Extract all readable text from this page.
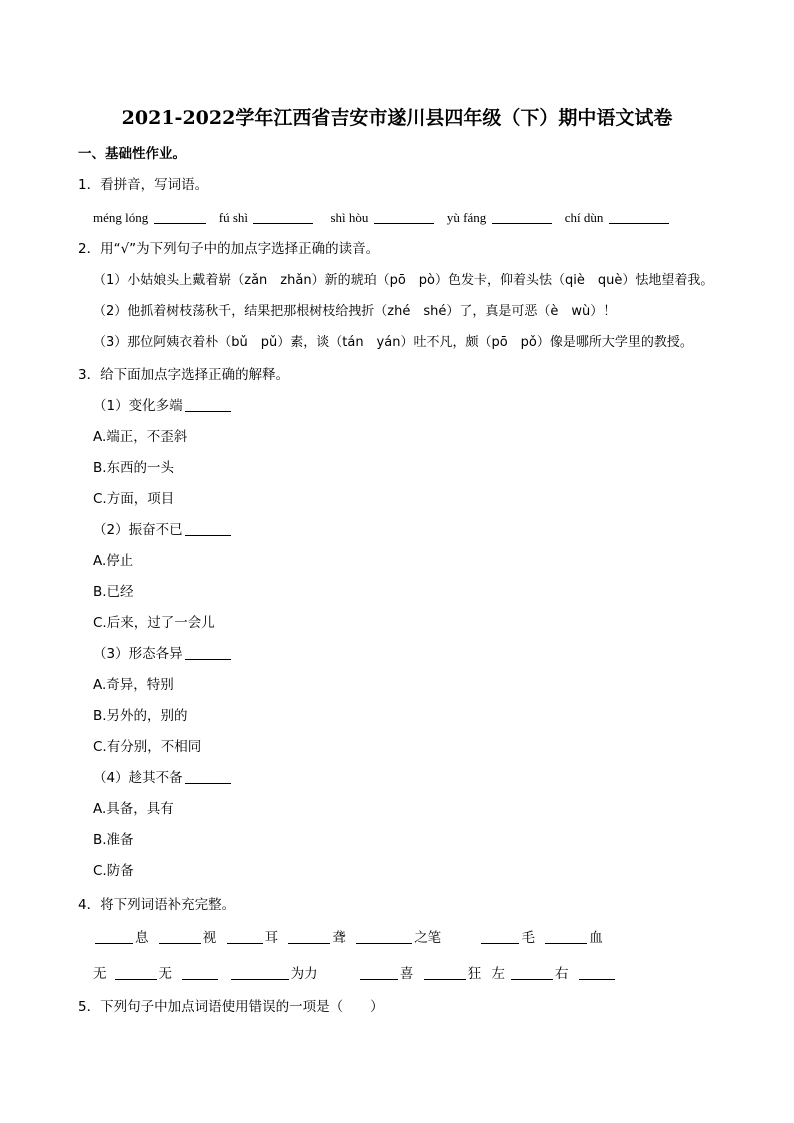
2021-2022学年江西省吉安市遂川县四年级（下）期中语文试卷
一、基础性作业。
1．看拼音，写词语。
méng lóng	fú shì	shì hòu	yù fáng	chí dùn
2．用“√”为下列句子中的加点字选择正确的读音。
（1）小姑娘头上戴着崭（zǎn　zhǎn）新的琥珀（pō　pò）色发卡，仰着头怯（qiè　què）怯地望着我。
（2）他抓着树枝荡秋千，结果把那根树枝给拽折（zhé　shé）了，真是可恶（è　wù）！
（3）那位阿姨衣着朴（bǔ　pǔ）素，谈（tán　yán）吐不凡，颇（pō　pǒ）像是哪所大学里的教授。
3．给下面加点字选择正确的解释。
（1）变化多端
A.端正，不歪斜
B.东西的一头
C.方面，项目
（2）振奋不已
A.停止
B.已经
C.后来，过了一会儿
（3）形态各异
A.奇异，特别
B.另外的，别的
C.有分别，不相同
（4）趁其不备
A.具备，具有
B.准备
C.防备
4．将下列词语补充完整。
息	视	耳	聋	之笔	毛	血
无	无	为力	喜	狂 左	右
5．下列句子中加点词语使用错误的一项是（　　）
